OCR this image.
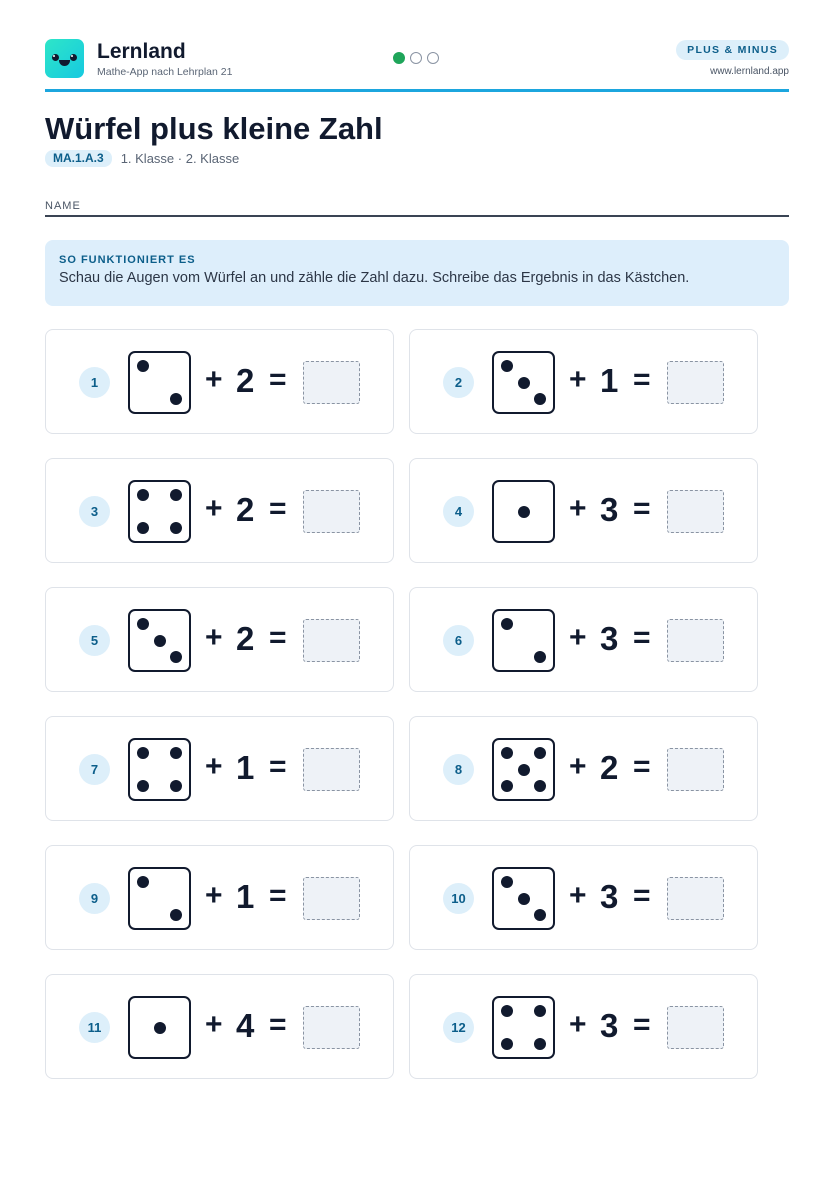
Lernland
Mathe-App nach Lehrplan 21
PLUS & MINUS
www.lernland.app
Würfel plus kleine Zahl
MA.1.A.3	1. Klasse · 2. Klasse
NAME
SO FUNKTIONIERT ES
Schau die Augen vom Würfel an und zähle die Zahl dazu. Schreibe das Ergebnis in das Kästchen.
1	+ 2 =	2	+ 1 =
3	+ 2 =	4	+ 3 =
5	+ 2 =	6	+ 3 =
7	+ 1 =	8	+ 2 =
9	+ 1 =	10	+ 3 =
11	+ 4 =	12	+ 3 =
